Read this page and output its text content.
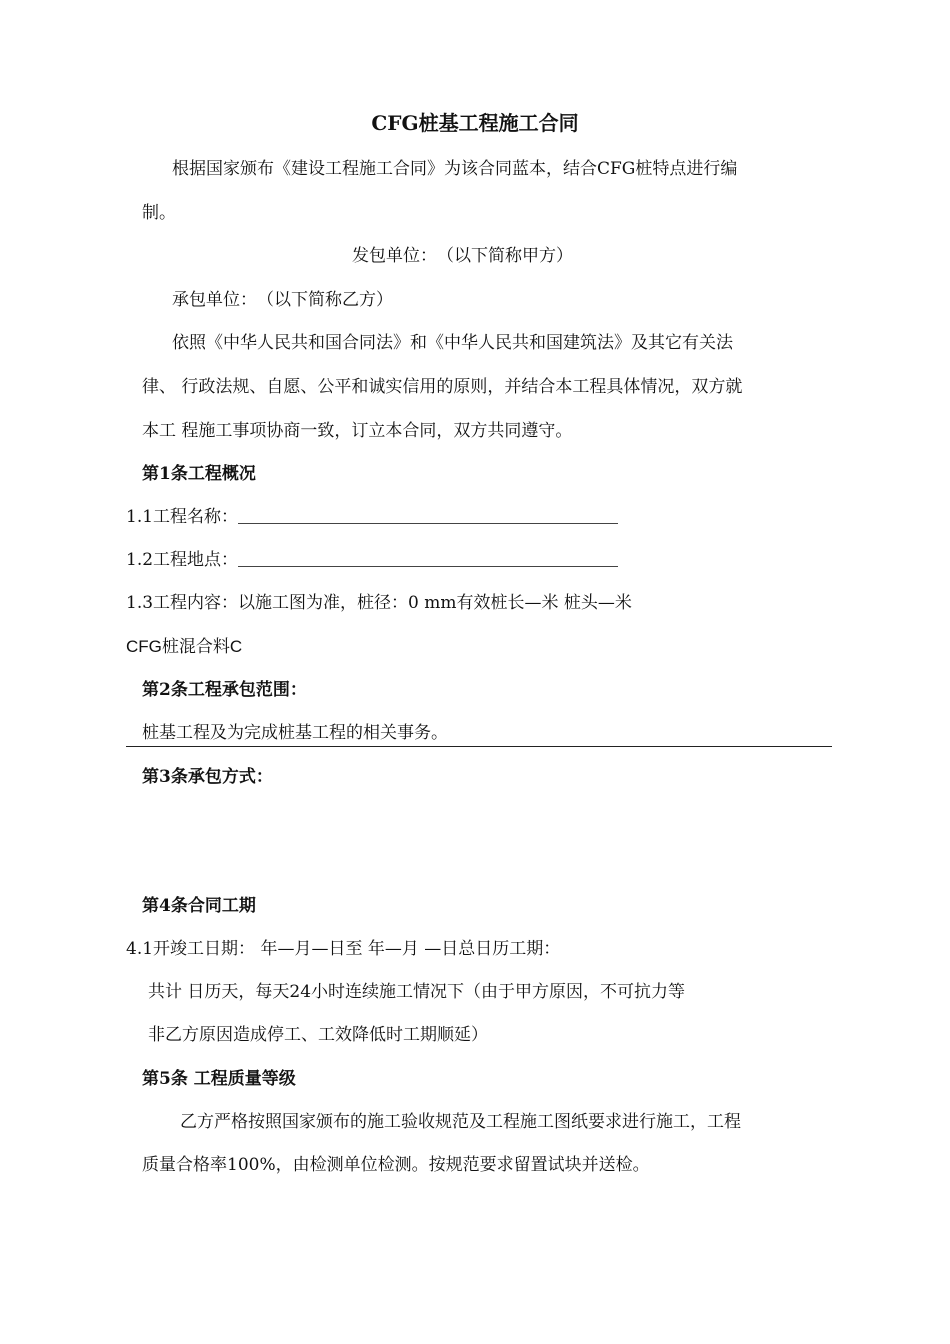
CFG桩基工程施工合同
根据国家颁布《建设工程施工合同》为该合同蓝本，结合CFG桩特点进行编
制。
发包单位：　（以下简称甲方）
承包单位：　（以下简称乙方）
依照《中华人民共和国合同法》和《中华人民共和国建筑法》及其它有关法
律、 行政法规、自愿、公平和诚实信用的原则，并结合本工程具体情况，双方就
本工 程施工事项协商一致，订立本合同，双方共同遵守。
第1条工程概况
1.1工程名称：
1.2工程地点：
1.3工程内容：以施工图为准，桩径：0 mm有效桩长—米 桩头—米
CFG桩混合料C
第2条工程承包范围：
桩基工程及为完成桩基工程的相关事务。
第3条承包方式：
第4条合同工期
4.1开竣工日期： 年—月—日至 年—月 —日总日历工期：
共计 日历天，每天24小时连续施工情况下（由于甲方原因，不可抗力等
非乙方原因造成停工、工效降低时工期顺延）
第5条 工程质量等级
乙方严格按照国家颁布的施工验收规范及工程施工图纸要求进行施工，工程
质量合格率100%，由检测单位检测。按规范要求留置试块并送检。
